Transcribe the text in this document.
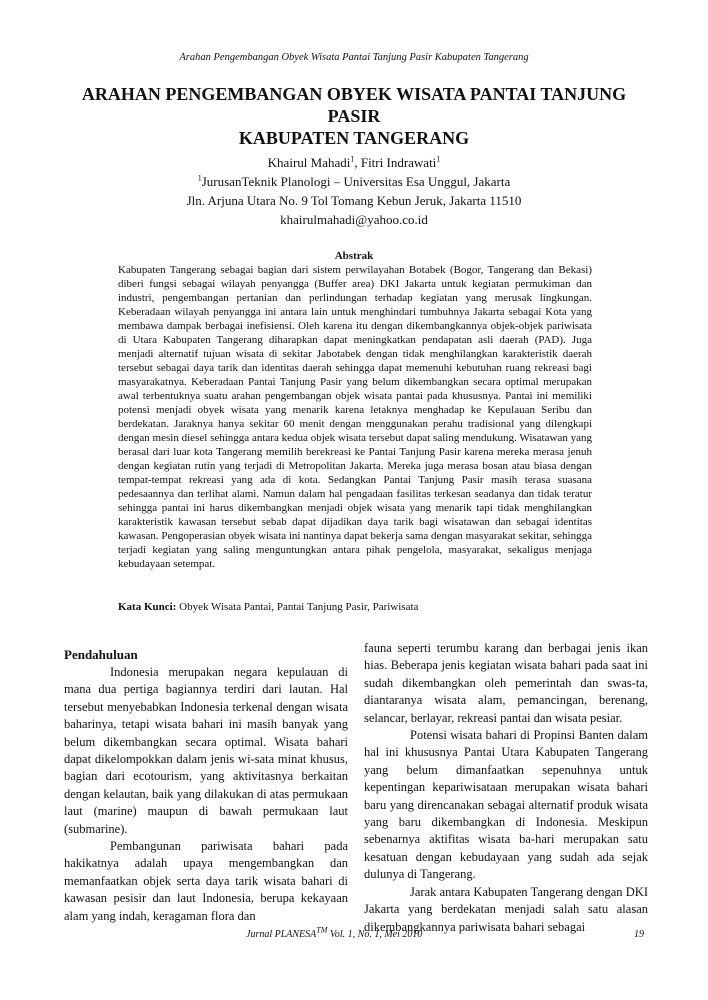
Arahan Pengembangan Obyek Wisata Pantai Tanjung Pasir Kabupaten Tangerang
ARAHAN PENGEMBANGAN OBYEK WISATA PANTAI TANJUNG PASIR
KABUPATEN TANGERANG
Khairul Mahadi$^1$, Fitri Indrawati$^1$
$^1$JurusanTeknik Planologi – Universitas Esa Unggul, Jakarta
Jln. Arjuna Utara No. 9 Tol Tomang Kebun Jeruk, Jakarta 11510
khairulmahadi@yahoo.co.id
Abstrak

Kabupaten Tangerang sebagai bagian dari sistem perwilayahan Botabek (Bogor, Tangerang dan Bekasi) diberi fungsi sebagai wilayah penyangga (Buffer area) DKI Jakarta untuk kegiatan permukiman dan industri, pengembangan pertanian dan perlindungan terhadap kegiatan yang merusak lingkungan. Keberadaan wilayah penyangga ini antara lain untuk menghindari tumbuhnya Jakarta sebagai Kota yang membawa dampak berbagai inefisiensi. Oleh karena itu dengan dikembangkannya objek-objek pariwisata di Utara Kabupaten Tangerang diharapkan dapat meningkatkan pendapatan asli daerah (PAD). Juga menjadi alternatif tujuan wisata di sekitar Jabotabek dengan tidak menghilangkan karakteristik daerah tersebut sebagai daya tarik dan identitas daerah sehingga dapat memenuhi kebutuhan ruang rekreasi bagi masyarakatnya. Keberadaan Pantai Tanjung Pasir yang belum dikembangkan secara optimal merupakan awal terbentuknya suatu arahan pengembangan objek wisata pantai pada khususnya. Pantai ini memiliki potensi menjadi obyek wisata yang menarik karena letaknya menghadap ke Kepulauan Seribu dan berdekatan. Jaraknya hanya sekitar 60 menit dengan menggunakan perahu tradisional yang dilengkapi dengan mesin diesel sehingga antara kedua objek wisata tersebut dapat saling mendukung. Wisatawan yang berasal dari luar kota Tangerang memilih berekreasi ke Pantai Tanjung Pasir karena mereka merasa jenuh dengan kegiatan rutin yang terjadi di Metropolitan Jakarta. Mereka juga merasa bosan atau biasa dengan tempat-tempat rekreasi yang ada di kota. Sedangkan Pantai Tanjung Pasir masih terasa suasana pedesaannya dan terlihat alami. Namun dalam hal pengadaan fasilitas terkesan seadanya dan tidak teratur sehingga pantai ini harus dikembangkan menjadi objek wisata yang menarik tapi tidak menghilangkan karakteristik kawasan tersebut sebab dapat dijadikan daya tarik bagi wisatawan dan sebagai identitas kawasan. Pengoperasian obyek wisata ini nantinya dapat bekerja sama dengan masyarakat sekitar, sehingga terjadi kegiatan yang saling menguntungkan antara pihak pengelola, masyarakat, sekaligus menjaga kebudayaan setempat.

Kata Kunci: Obyek Wisata Pantai, Pantai Tanjung Pasir, Pariwisata
Pendahuluan

Indonesia merupakan negara kepulauan di mana dua pertiga bagiannya terdiri dari lautan. Hal tersebut menyebabkan Indonesia terkenal dengan wisata baharinya, tetapi wisata bahari ini masih banyak yang belum dikembangkan secara optimal. Wisata bahari dapat dikelompokkan dalam jenis wi-sata minat khusus, bagian dari ecotourism, yang aktivitasnya berkaitan dengan kelautan, baik yang dilakukan di atas permukaan laut (marine) maupun di bawah permukaan laut (submarine).

Pembangunan pariwisata bahari pada hakikatnya adalah upaya mengembangkan dan memanfaatkan objek serta daya tarik wisata bahari di kawasan pesisir dan laut Indonesia, berupa kekayaan alam yang indah, keragaman flora dan

fauna seperti terumbu karang dan berbagai jenis ikan hias. Beberapa jenis kegiatan wisata bahari pada saat ini sudah dikembangkan oleh pemerintah dan swas-ta, diantaranya wisata alam, pemancingan, berenang, selancar, berlayar, rekreasi pantai dan wisata pesiar.

Potensi wisata bahari di Propinsi Banten dalam hal ini khususnya Pantai Utara Kabupaten Tangerang yang belum dimanfaatkan sepenuhnya untuk kepentingan kepariwisataan merupakan wisata bahari baru yang direncanakan sebagai alternatif produk wisata yang baru dikembangkan di Indonesia. Meskipun sebenarnya aktifitas wisata ba-hari merupakan satu kesatuan dengan kebudayaan yang sudah ada sejak dulunya di Tangerang.

Jarak antara Kabupaten Tangerang dengan DKI Jakarta yang berdekatan menjadi salah satu alasan dikembangkannya pariwisata bahari sebagai

Jurnal PLANESA™ Vol. 1, No. 1, Mei 2010	19
